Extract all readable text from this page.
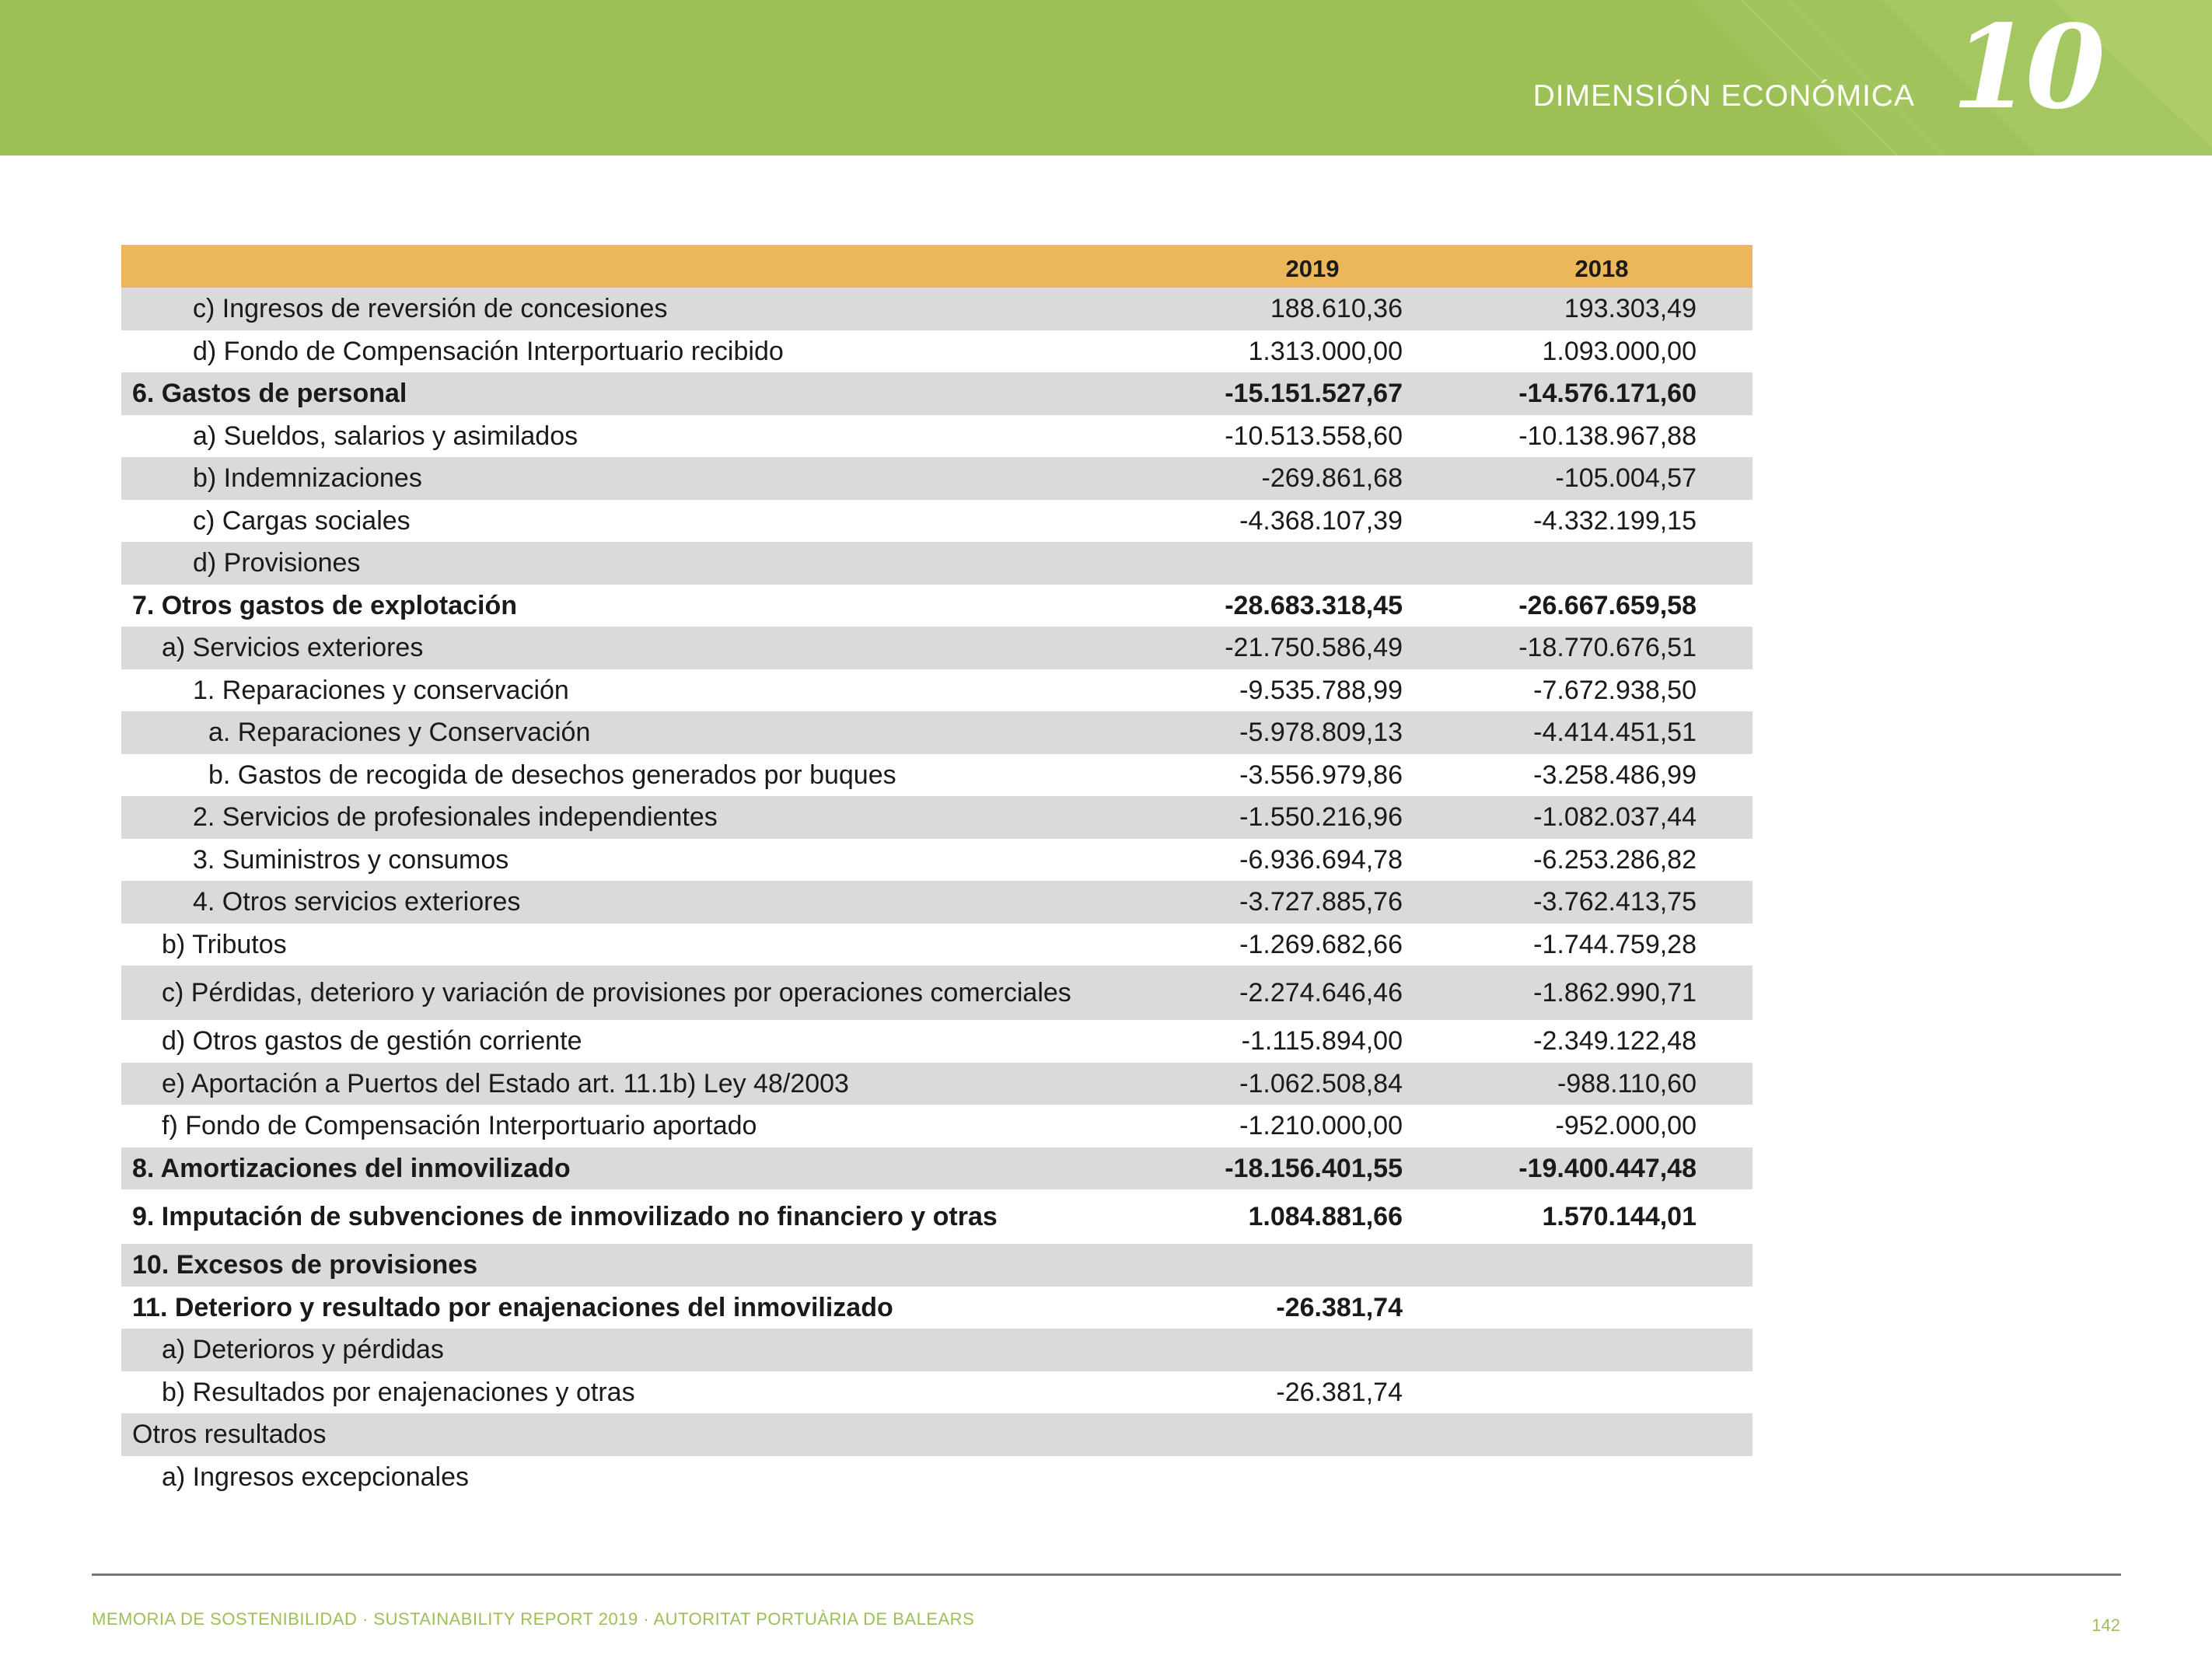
DIMENSIÓN ECONÓMICA 10
2019	2018
c) Ingresos de reversión de concesiones	188.610,36	193.303,49
d) Fondo de Compensación Interportuario recibido	1.313.000,00	1.093.000,00
6. Gastos de personal	-15.151.527,67	-14.576.171,60
a) Sueldos, salarios y asimilados	-10.513.558,60	-10.138.967,88
b) Indemnizaciones	-269.861,68	-105.004,57
c) Cargas sociales	-4.368.107,39	-4.332.199,15
d) Provisiones
7. Otros gastos de explotación	-28.683.318,45	-26.667.659,58
a) Servicios exteriores	-21.750.586,49	-18.770.676,51
1. Reparaciones y conservación	-9.535.788,99	-7.672.938,50
a. Reparaciones y Conservación	-5.978.809,13	-4.414.451,51
b. Gastos de recogida de desechos generados por buques	-3.556.979,86	-3.258.486,99
2. Servicios de profesionales independientes	-1.550.216,96	-1.082.037,44
3. Suministros y consumos	-6.936.694,78	-6.253.286,82
4. Otros servicios exteriores	-3.727.885,76	-3.762.413,75
b) Tributos	-1.269.682,66	-1.744.759,28
c) Pérdidas, deterioro y variación de provisiones por operaciones comerciales	-2.274.646,46	-1.862.990,71
d) Otros gastos de gestión corriente	-1.115.894,00	-2.349.122,48
e) Aportación a Puertos del Estado art. 11.1b) Ley 48/2003	-1.062.508,84	-988.110,60
f) Fondo de Compensación Interportuario aportado	-1.210.000,00	-952.000,00
8. Amortizaciones del inmovilizado	-18.156.401,55	-19.400.447,48
9. Imputación de subvenciones de inmovilizado no financiero y otras	1.084.881,66	1.570.144,01
10. Excesos de provisiones
11. Deterioro y resultado por enajenaciones del inmovilizado	-26.381,74
a) Deterioros y pérdidas
b) Resultados por enajenaciones y otras	-26.381,74
Otros resultados
a) Ingresos excepcionales
MEMORIA DE SOSTENIBILIDAD · SUSTAINABILITY REPORT 2019 · AUTORITAT PORTUÀRIA DE BALEARS	142
